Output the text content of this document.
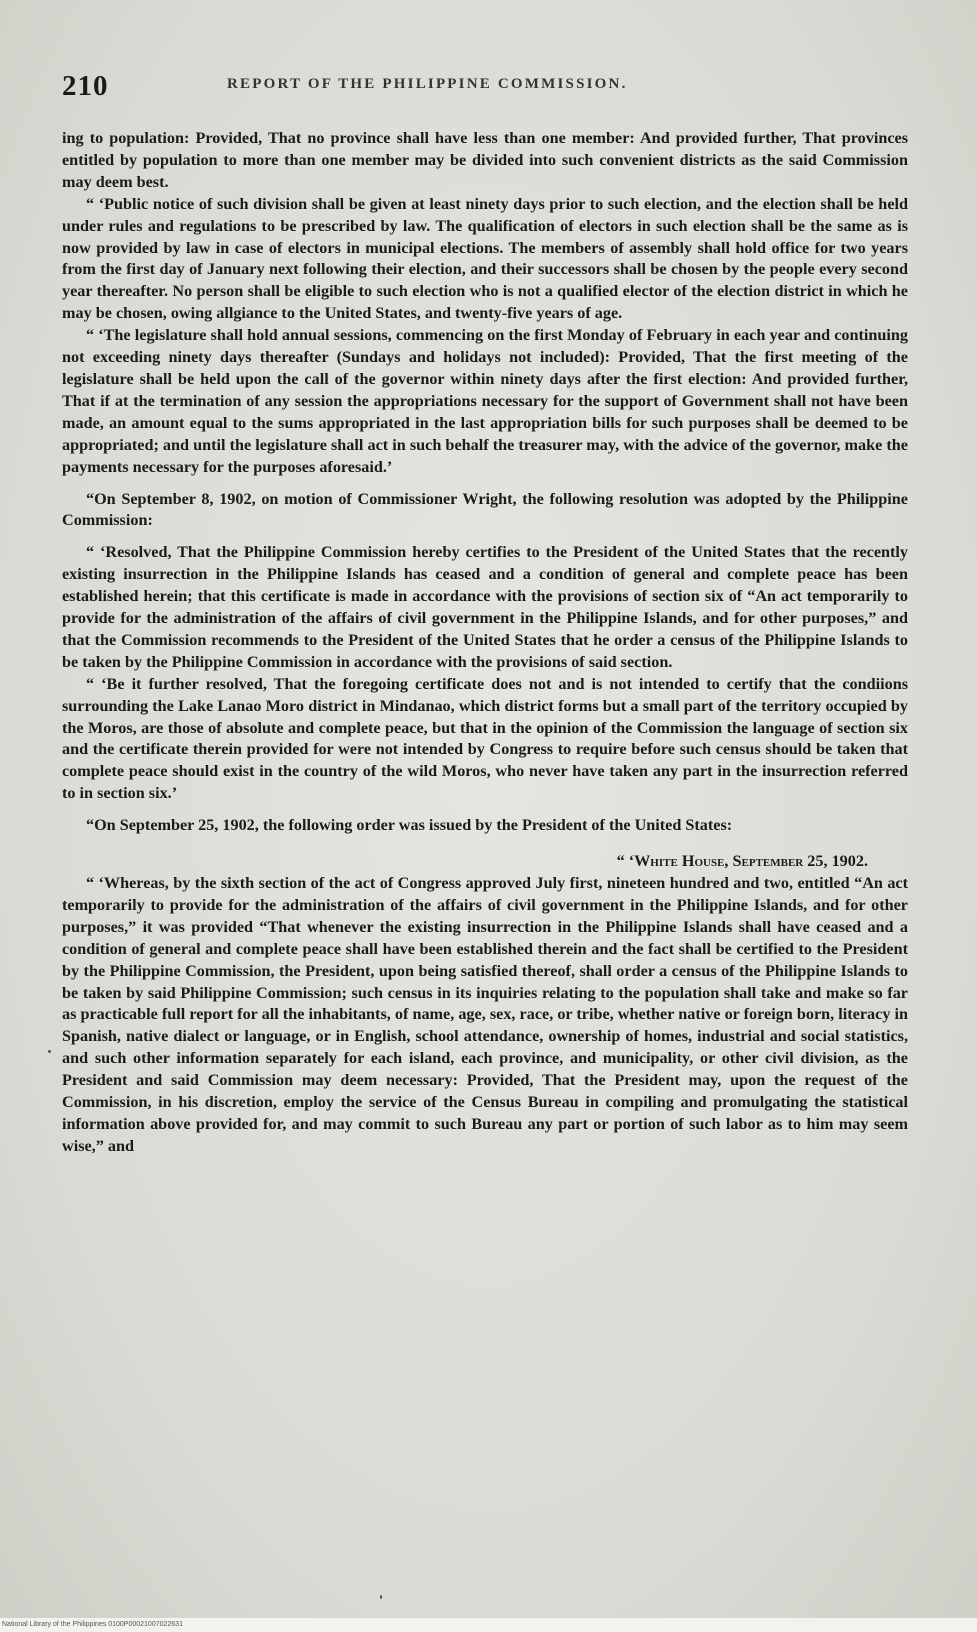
210	REPORT OF THE PHILIPPINE COMMISSION.

ing to population: Provided, That no province shall have less than one member: And provided further, That provinces entitled by population to more than one member may be divided into such convenient districts as the said Commission may deem best.

“ ‘Public notice of such division shall be given at least ninety days prior to such election, and the election shall be held under rules and regulations to be prescribed by law. The qualification of electors in such election shall be the same as is now provided by law in case of electors in municipal elections. The members of assembly shall hold office for two years from the first day of January next following their election, and their successors shall be chosen by the people every second year thereafter. No person shall be eligible to such election who is not a qualified elector of the election district in which he may be chosen, owing allgiance to the United States, and twenty-five years of age.

“ ‘The legislature shall hold annual sessions, commencing on the first Monday of February in each year and continuing not exceeding ninety days thereafter (Sundays and holidays not included): Provided, That the first meeting of the legislature shall be held upon the call of the governor within ninety days after the first election: And provided further, That if at the termination of any session the appropriations necessary for the support of Government shall not have been made, an amount equal to the sums appropriated in the last appropriation bills for such purposes shall be deemed to be appropriated; and until the legislature shall act in such behalf the treasurer may, with the advice of the governor, make the payments necessary for the purposes aforesaid.’

“On September 8, 1902, on motion of Commissioner Wright, the following resolution was adopted by the Philippine Commission:

“ ‘Resolved, That the Philippine Commission hereby certifies to the President of the United States that the recently existing insurrection in the Philippine Islands has ceased and a condition of general and complete peace has been established herein; that this certificate is made in accordance with the provisions of section six of “An act temporarily to provide for the administration of the affairs of civil government in the Philippine Islands, and for other purposes,” and that the Commission recommends to the President of the United States that he order a census of the Philippine Islands to be taken by the Philippine Commission in accordance with the provisions of said section.

“ ‘Be it further resolved, That the foregoing certificate does not and is not intended to certify that the condiions surrounding the Lake Lanao Moro district in Mindanao, which district forms but a small part of the territory occupied by the Moros, are those of absolute and complete peace, but that in the opinion of the Commission the language of section six and the certificate therein provided for were not intended by Congress to require before such census should be taken that complete peace should exist in the country of the wild Moros, who never have taken any part in the insurrection referred to in section six.’

“On September 25, 1902, the following order was issued by the President of the United States:

“ ‘White House, September 25, 1902.

“ ‘Whereas, by the sixth section of the act of Congress approved July first, nineteen hundred and two, entitled “An act temporarily to provide for the administration of the affairs of civil government in the Philippine Islands, and for other purposes,” it was provided “That whenever the existing insurrection in the Philippine Islands shall have ceased and a condition of general and complete peace shall have been established therein and the fact shall be certified to the President by the Philippine Commission, the President, upon being satisfied thereof, shall order a census of the Philippine Islands to be taken by said Philippine Commission; such census in its inquiries relating to the population shall take and make so far as practicable full report for all the inhabitants, of name, age, sex, race, or tribe, whether native or foreign born, literacy in Spanish, native dialect or language, or in English, school attendance, ownership of homes, industrial and social statistics, and such other information separately for each island, each province, and municipality, or other civil division, as the President and said Commission may deem necessary: Provided, That the President may, upon the request of the Commission, in his discretion, employ the service of the Census Bureau in compiling and promulgating the statistical information above provided for, and may commit to such Bureau any part or portion of such labor as to him may seem wise,” and

National Library of the Philippines 0100P00021007022631
